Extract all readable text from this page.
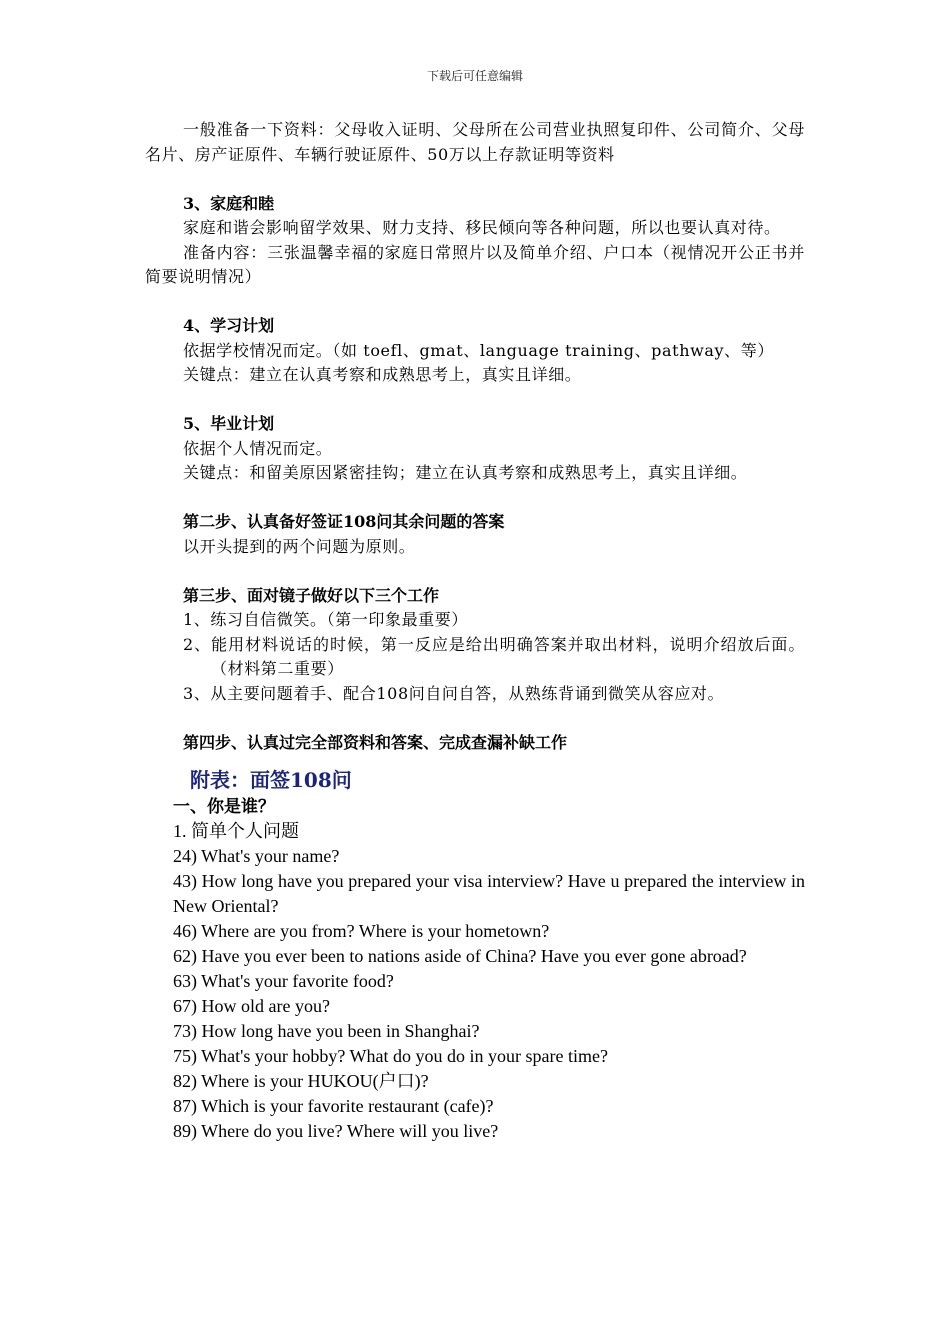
下载后可任意编辑

一般准备一下资料：父母收入证明、父母所在公司营业执照复印件、公司简介、父母名片、房产证原件、车辆行驶证原件、50万以上存款证明等资料

3、家庭和睦

家庭和谐会影响留学效果、财力支持、移民倾向等各种问题，所以也要认真对待。

准备内容：三张温馨幸福的家庭日常照片以及简单介绍、户口本（视情况开公正书并简要说明情况）

4、学习计划

依据学校情况而定。（如 toefl、gmat、language training、pathway、等）

关键点：建立在认真考察和成熟思考上，真实且详细。

5、毕业计划

依据个人情况而定。

关键点：和留美原因紧密挂钩；建立在认真考察和成熟思考上，真实且详细。

第二步、认真备好签证108问其余问题的答案

以开头提到的两个问题为原则。

第三步、面对镜子做好以下三个工作

1、练习自信微笑。（第一印象最重要）

2、能用材料说话的时候，第一反应是给出明确答案并取出材料，说明介绍放后面。（材料第二重要）

3、从主要问题着手、配合108问自问自答，从熟练背诵到微笑从容应对。

第四步、认真过完全部资料和答案、完成查漏补缺工作

附表：面签108问

一、你是谁？

1. 简单个人问题

24) What's your name?

43) How long have you prepared your visa interview? Have u prepared the interview in New Oriental?

46) Where are you from? Where is your hometown?

62) Have you ever been to nations aside of China? Have you ever gone abroad?

63) What's your favorite food?

67) How old are you?

73) How long have you been in Shanghai?

75) What's your hobby? What do you do in your spare time?

82) Where is your HUKOU(户口)?

87) Which is your favorite restaurant (cafe)?

89) Where do you live? Where will you live?
